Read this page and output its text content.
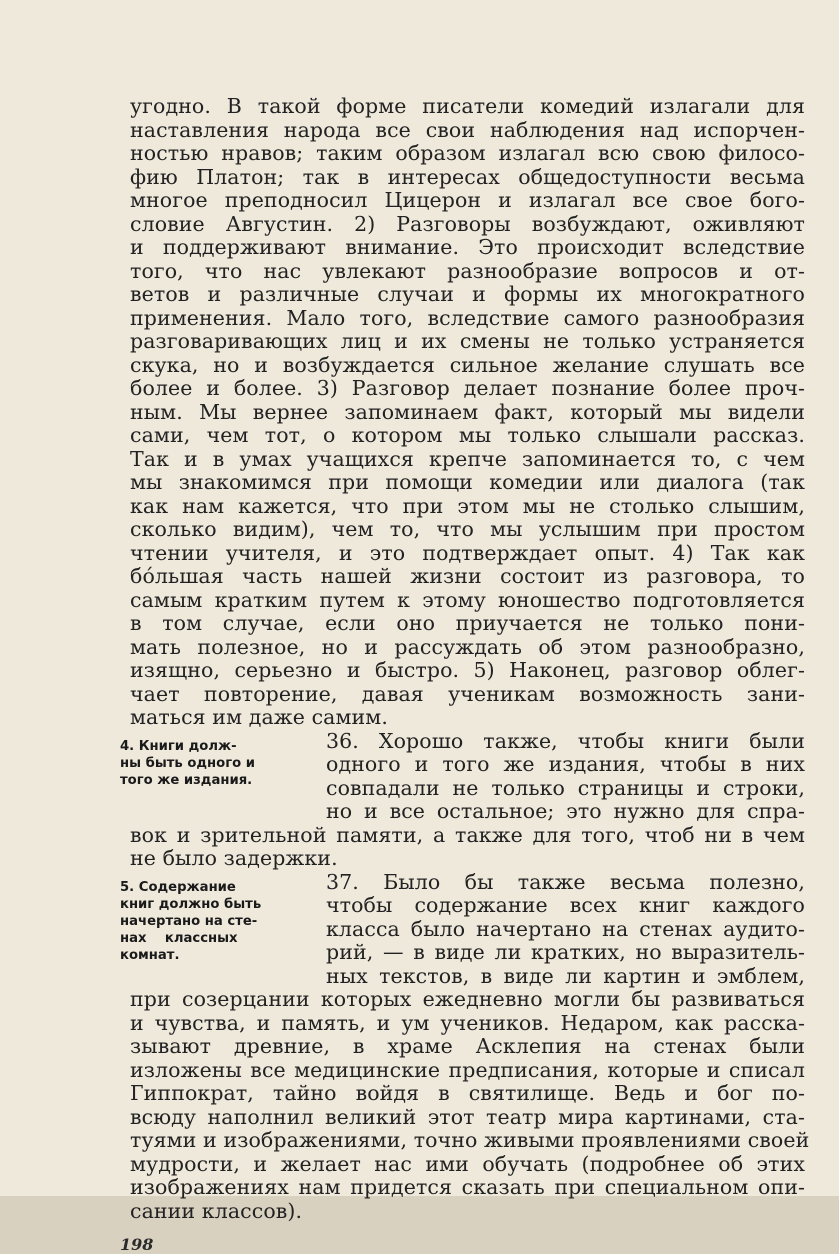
угодно. В такой форме писатели комедий излагали для
наставления народа все свои наблюдения над испорчен-
ностью нравов; таким образом излагал всю свою филосо-
фию Платон; так в интересах общедоступности весьма
многое преподносил Цицерон и излагал все свое бого-
словие Августин. 2) Разговоры возбуждают, оживляют
и поддерживают внимание. Это происходит вследствие
того, что нас увлекают разнообразие вопросов и от-
ветов и различные случаи и формы их многократного
применения. Мало того, вследствие самого разнообразия
разговаривающих лиц и их смены не только устраняется
скука, но и возбуждается сильное желание слушать все
более и более. 3) Разговор делает познание более проч-
ным. Мы вернее запоминаем факт, который мы видели
сами, чем тот, о котором мы только слышали рассказ.
Так и в умах учащихся крепче запоминается то, с чем
мы знакомимся при помощи комедии или диалога (так
как нам кажется, что при этом мы не столько слышим,
сколько видим), чем то, что мы услышим при простом
чтении учителя, и это подтверждает опыт. 4) Так как
бо́льшая часть нашей жизни состоит из разговора, то
самым кратким путем к этому юношество подготовляется
в том случае, если оно приучается не только пони-
мать полезное, но и рассуждать об этом разнообразно,
изящно, серьезно и быстро. 5) Наконец, разговор облег-
чает повторение, давая ученикам возможность зани-
маться им даже самим.
4. Книги долж-
ны быть одного и
того же издания.
36. Хорошо также, чтобы книги были
одного и того же издания, чтобы в них
совпадали не только страницы и строки,
но и все остальное; это нужно для спра-
вок и зрительной памяти, а также для того, чтоб ни в чем
не было задержки.
5. Содержание
книг должно быть
начертано на сте-
нах    классных
комнат.
37. Было бы также весьма полезно,
чтобы содержание всех книг каждого
класса было начертано на стенах аудито-
рий, — в виде ли кратких, но выразитель-
ных текстов, в виде ли картин и эмблем,
при созерцании которых ежедневно могли бы развиваться
и чувства, и память, и ум учеников. Недаром, как расска-
зывают древние, в храме Асклепия на стенах были
изложены все медицинские предписания, которые и списал
Гиппократ, тайно войдя в святилище. Ведь и бог по-
всюду наполнил великий этот театр мира картинами, ста-
туями и изображениями, точно живыми проявлениями своей
мудрости, и желает нас ими обучать (подробнее об этих
изображениях нам придется сказать при специальном опи-
сании классов).
198
